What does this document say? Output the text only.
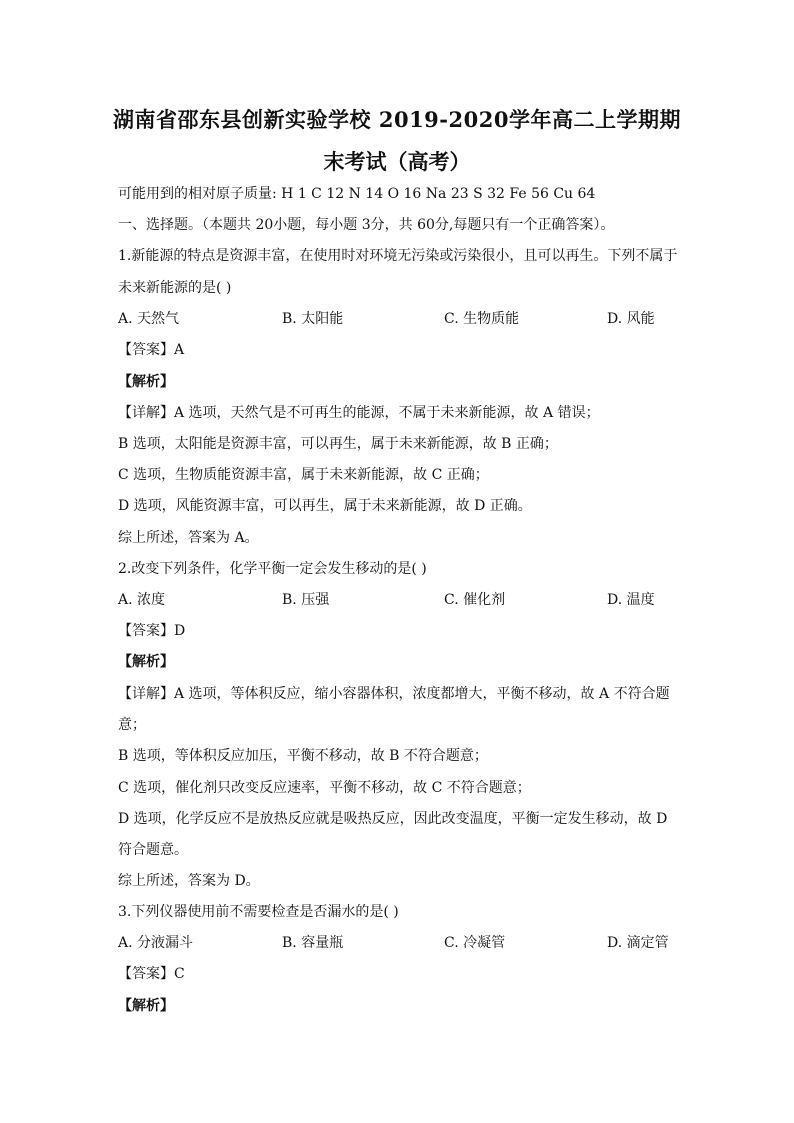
湖南省邵东县创新实验学校 2019-2020学年高二上学期期
末考试（高考）
可能用到的相对原子质量: H 1 C 12 N 14 O 16 Na 23 S 32 Fe 56 Cu 64
一、选择题。（本题共 20小题，每小题 3分，共 60分,每题只有一个正确答案）。
1.新能源的特点是资源丰富，在使用时对环境无污染或污染很小，且可以再生。下列不属于
未来新能源的是( )
A. 天然气	B. 太阳能	C. 生物质能	D. 风能
【答案】A
【解析】
【详解】A 选项，天然气是不可再生的能源，不属于未来新能源，故 A 错误；
B 选项，太阳能是资源丰富，可以再生，属于未来新能源，故 B 正确；
C 选项，生物质能资源丰富，属于未来新能源，故 C 正确；
D 选项，风能资源丰富，可以再生，属于未来新能源，故 D 正确。
综上所述，答案为 A。
2.改变下列条件，化学平衡一定会发生移动的是( )
A. 浓度	B. 压强	C. 催化剂	D. 温度
【答案】D
【解析】
【详解】A 选项，等体积反应，缩小容器体积，浓度都增大，平衡不移动，故 A 不符合题
意；
B 选项，等体积反应加压，平衡不移动，故 B 不符合题意；
C 选项，催化剂只改变反应速率，平衡不移动，故 C 不符合题意；
D 选项，化学反应不是放热反应就是吸热反应，因此改变温度，平衡一定发生移动，故 D
符合题意。
综上所述，答案为 D。
3.下列仪器使用前不需要检查是否漏水的是( )
A. 分液漏斗	B. 容量瓶	C. 冷凝管	D. 滴定管
【答案】C
【解析】
